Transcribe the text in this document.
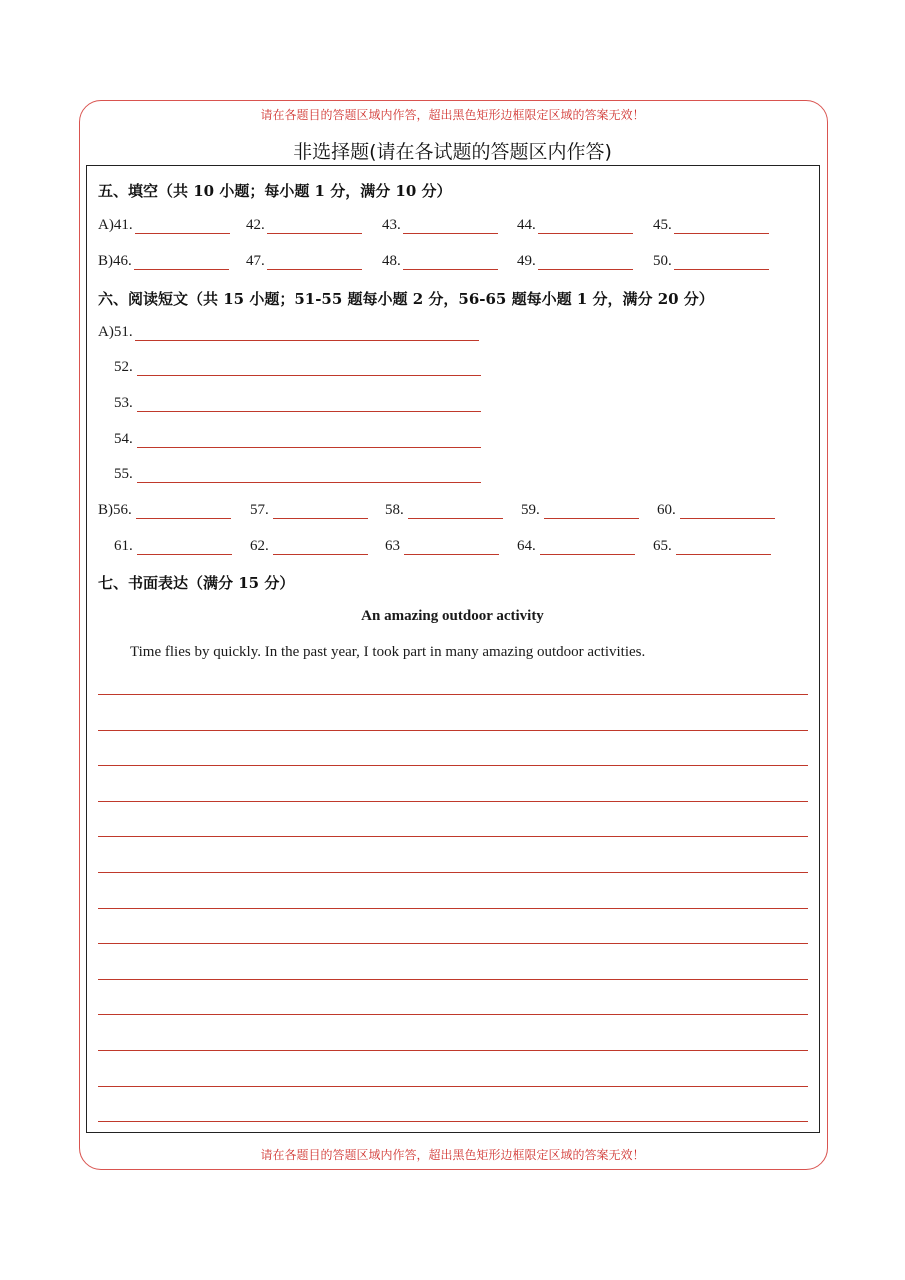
请在各题目的答题区域内作答，超出黑色矩形边框限定区域的答案无效！
非选择题(请在各试题的答题区内作答)
五、填空（共 10 小题；每小题 1 分，满分 10 分）
A)41.	42.	43.	44.	45.
B)46.	47.	48.	49.	50.
六、阅读短文（共 15 小题；51-55 题每小题 2 分，56-65 题每小题 1 分，满分 20 分）
A)51.
52.
53.
54.
55.
B)56.	57.	58.	59.	60.
61.	62.	63	64.	65.
七、书面表达（满分 15 分）
An amazing outdoor activity
Time flies by quickly. In the past year, I took part in many amazing outdoor activities.
请在各题目的答题区域内作答，超出黑色矩形边框限定区域的答案无效！
